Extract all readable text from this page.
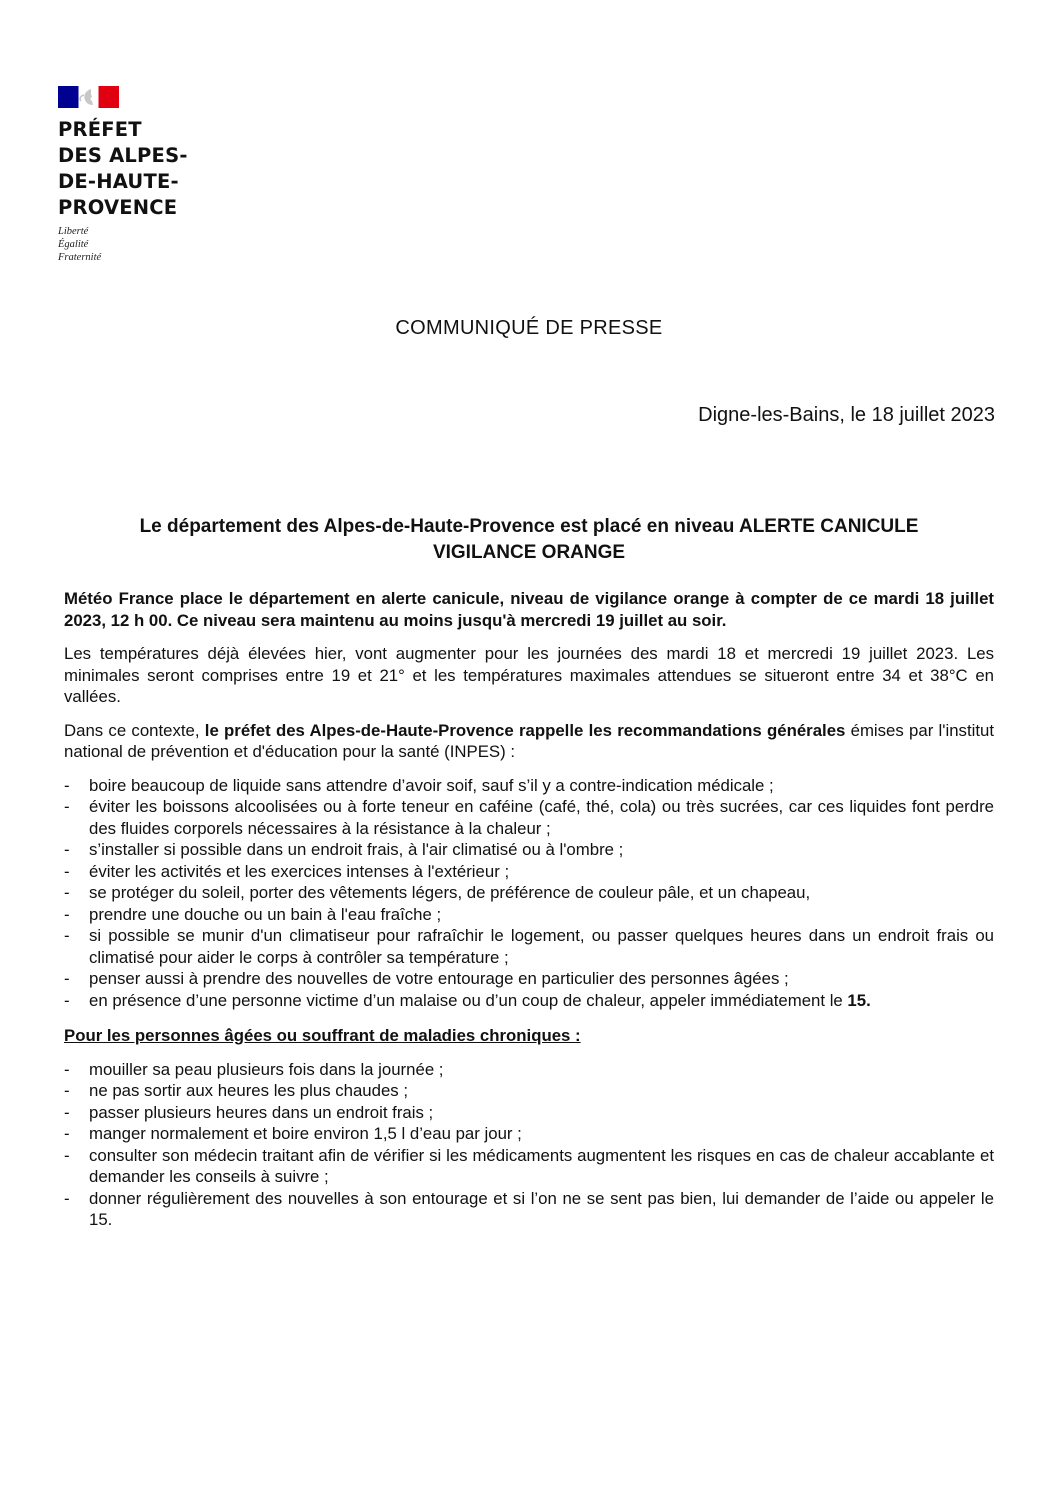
PRÉFET
DES ALPES-
DE-HAUTE-
PROVENCE
Liberté
Égalité
Fraternité
COMMUNIQUÉ DE PRESSE
Digne-les-Bains, le 18 juillet 2023
Le département des Alpes-de-Haute-Provence est placé en niveau ALERTE CANICULE
VIGILANCE ORANGE

Météo France place le département en alerte canicule, niveau de vigilance orange à compter de ce mardi 18 juillet 2023, 12 h 00. Ce niveau sera maintenu au moins jusqu'à mercredi 19 juillet au soir.

Les températures déjà élevées hier, vont augmenter pour les journées des mardi 18 et mercredi 19 juillet 2023. Les minimales seront comprises entre 19 et 21° et les températures maximales attendues se situeront entre 34 et 38°C en vallées.

Dans ce contexte, le préfet des Alpes-de-Haute-Provence rappelle les recommandations générales émises par l'institut national de prévention et d'éducation pour la santé (INPES) :

- boire beaucoup de liquide sans attendre d’avoir soif, sauf s’il y a contre-indication médicale ;
- éviter les boissons alcoolisées ou à forte teneur en caféine (café, thé, cola) ou très sucrées, car ces liquides font perdre des fluides corporels nécessaires à la résistance à la chaleur ;
- s’installer si possible dans un endroit frais, à l'air climatisé ou à l'ombre ;
- éviter les activités et les exercices intenses à l'extérieur ;
- se protéger du soleil, porter des vêtements légers, de préférence de couleur pâle, et un chapeau,
- prendre une douche ou un bain à l'eau fraîche ;
- si possible se munir d'un climatiseur pour rafraîchir le logement, ou passer quelques heures dans un endroit frais ou climatisé pour aider le corps à contrôler sa température ;
- penser aussi à prendre des nouvelles de votre entourage en particulier des personnes âgées ;
- en présence d’une personne victime d’un malaise ou d’un coup de chaleur, appeler immédiatement le 15.

Pour les personnes âgées ou souffrant de maladies chroniques :

- mouiller sa peau plusieurs fois dans la journée ;
- ne pas sortir aux heures les plus chaudes ;
- passer plusieurs heures dans un endroit frais ;
- manger normalement et boire environ 1,5 l d’eau par jour ;
- consulter son médecin traitant afin de vérifier si les médicaments augmentent les risques en cas de chaleur accablante et demander les conseils à suivre ;
- donner régulièrement des nouvelles à son entourage et si l’on ne se sent pas bien, lui demander de l’aide ou appeler le 15.
